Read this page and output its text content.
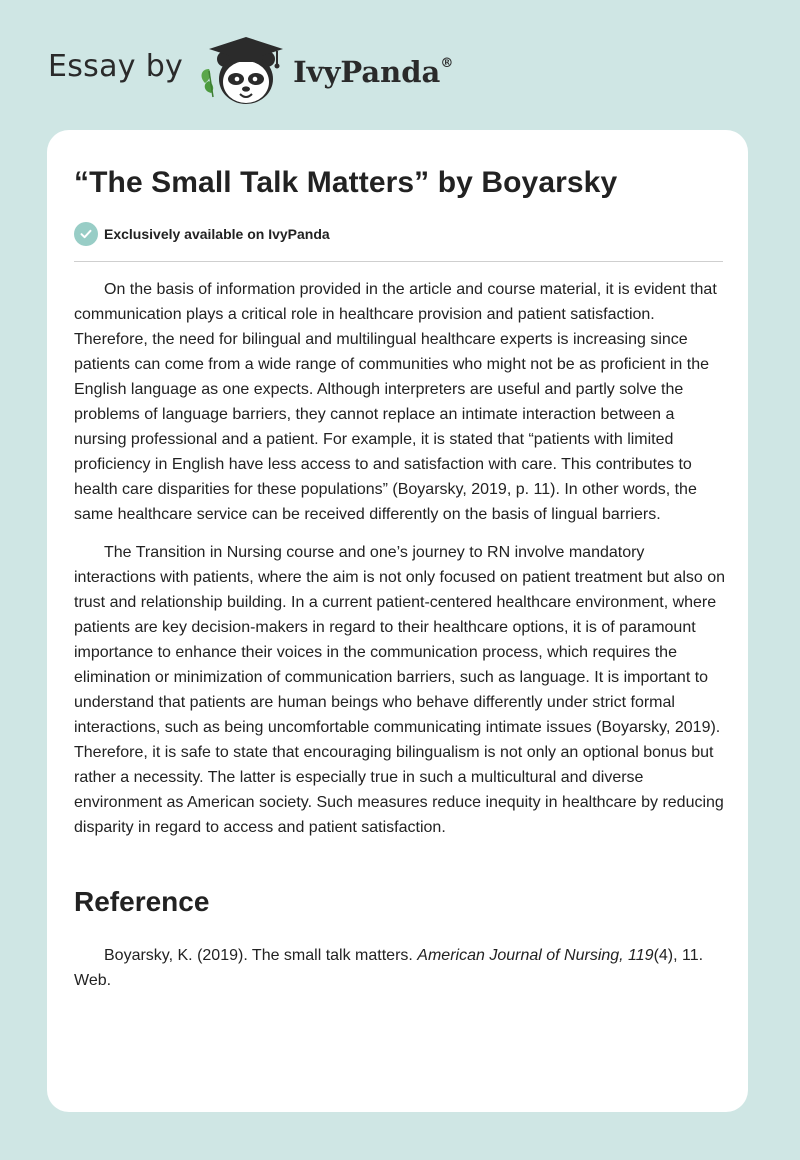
Essay by	IvyPanda®
“The Small Talk Matters” by Boyarsky
Exclusively available on IvyPanda

On the basis of information provided in the article and course material, it is evident that communication plays a critical role in healthcare provision and patient satisfaction. Therefore, the need for bilingual and multilingual healthcare experts is increasing since patients can come from a wide range of communities who might not be as proficient in the English language as one expects. Although interpreters are useful and partly solve the problems of language barriers, they cannot replace an intimate interaction between a nursing professional and a patient. For example, it is stated that “patients with limited proficiency in English have less access to and satisfaction with care. This contributes to health care disparities for these populations” (Boyarsky, 2019, p. 11). In other words, the same healthcare service can be received differently on the basis of lingual barriers.

The Transition in Nursing course and one’s journey to RN involve mandatory interactions with patients, where the aim is not only focused on patient treatment but also on trust and relationship building. In a current patient-centered healthcare environment, where patients are key decision-makers in regard to their healthcare options, it is of paramount importance to enhance their voices in the communication process, which requires the elimination or minimization of communication barriers, such as language. It is important to understand that patients are human beings who behave differently under strict formal interactions, such as being uncomfortable communicating intimate issues (Boyarsky, 2019). Therefore, it is safe to state that encouraging bilingualism is not only an optional bonus but rather a necessity. The latter is especially true in such a multicultural and diverse environment as American society. Such measures reduce inequity in healthcare by reducing disparity in regard to access and patient satisfaction.

Reference

Boyarsky, K. (2019). The small talk matters. American Journal of Nursing, 119(4), 11. Web.
